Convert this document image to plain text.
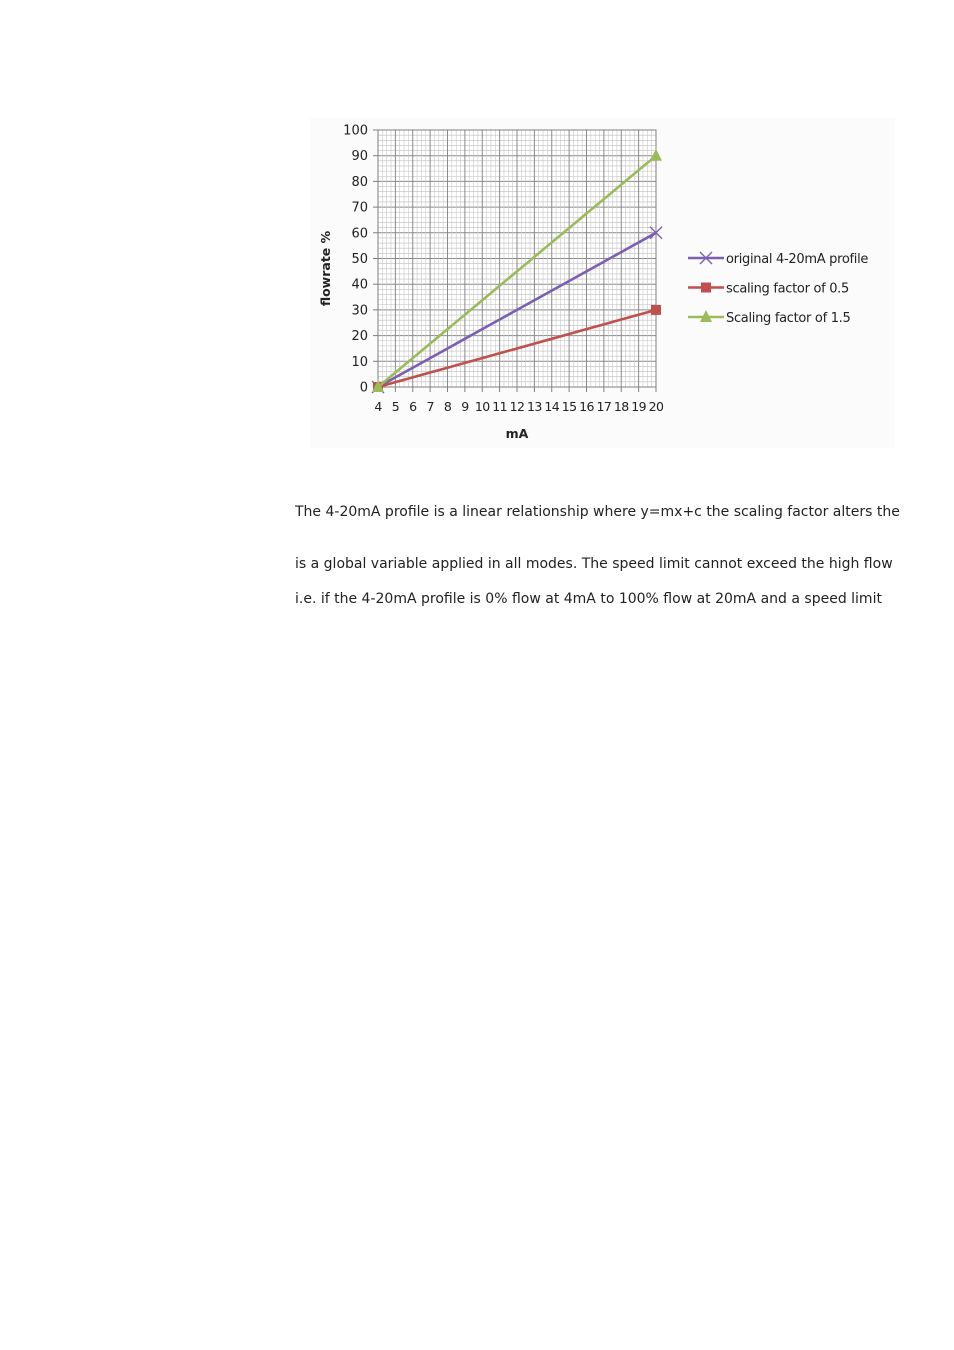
0
10
20
30
40
50
60
70
80
90
100
4 5 6 7 8 9 10 11 12 13 14 15 16 17 18 19 20
mA
flowrate %	original 4-20mA profile
scaling factor of 0.5
Scaling factor of 1.5
The 4-20mA profile is a linear relationship where y=mx+c the scaling factor alters the
is a global variable applied in all modes. The speed limit cannot exceed the high flow
i.e. if the 4-20mA profile is 0% flow at 4mA to 100% flow at 20mA and a speed limit
